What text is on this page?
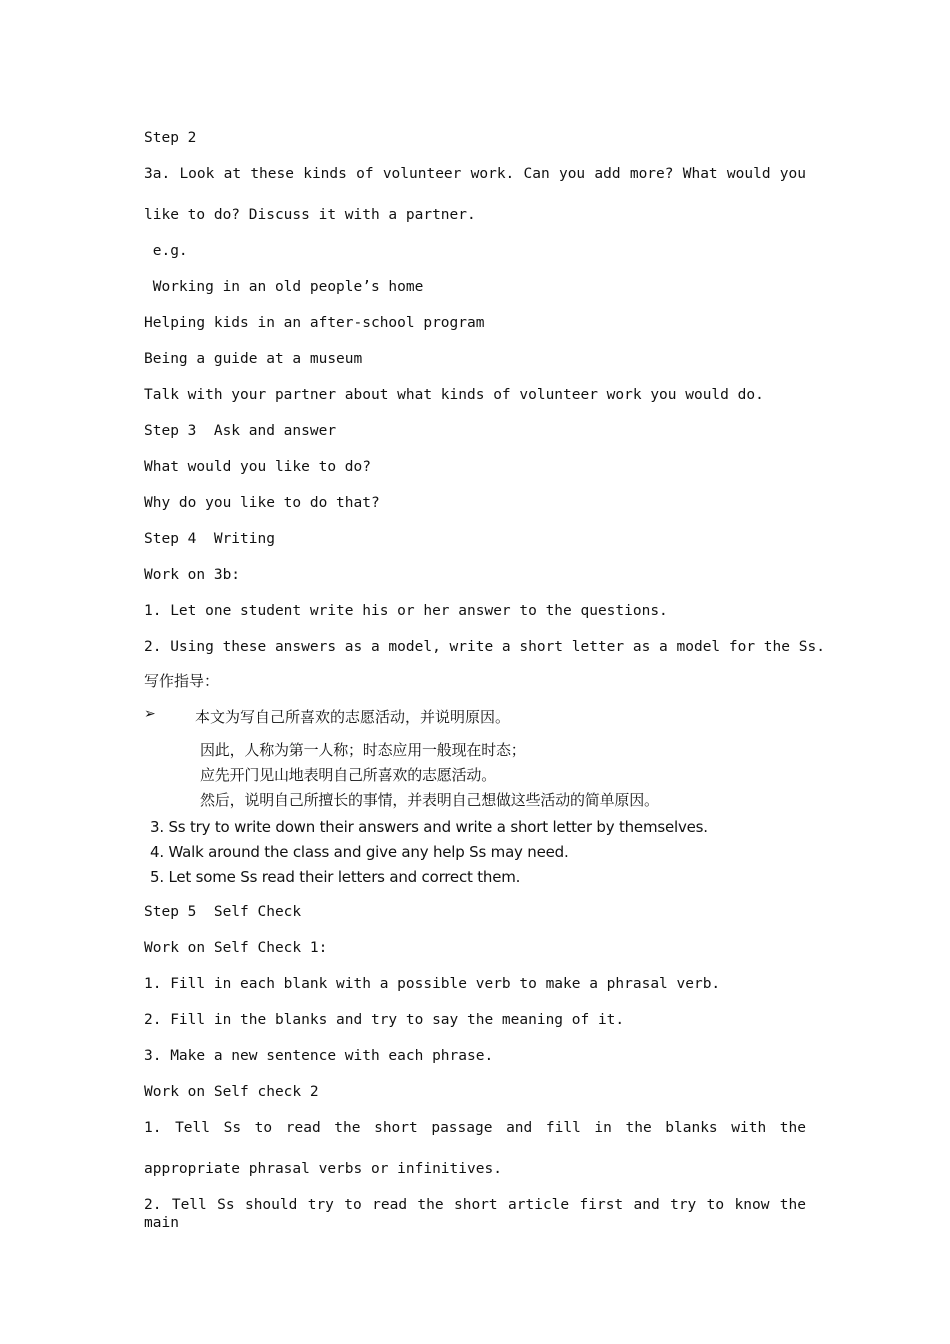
Step 2
3a. Look at these kinds of volunteer work. Can you add more? What would you
like to do? Discuss it with a partner.
e.g.
Working in an old people’s home
Helping kids in an after-school program
Being a guide at a museum
Talk with your partner about what kinds of volunteer work you would do.
Step 3  Ask and answer
What would you like to do?
Why do you like to do that?
Step 4  Writing
Work on 3b:
1. Let one student write his or her answer to the questions.
2. Using these answers as a model, write a short letter as a model for the Ss.
写作指导：
➢	本文为写自己所喜欢的志愿活动，并说明原因。
因此，人称为第一人称；时态应用一般现在时态；
应先开门见山地表明自己所喜欢的志愿活动。
然后，说明自己所擅长的事情，并表明自己想做这些活动的简单原因。
3. Ss try to write down their answers and write a short letter by themselves.
4. Walk around the class and give any help Ss may need.
5. Let some Ss read their letters and correct them.
Step 5  Self Check
Work on Self Check 1:
1. Fill in each blank with a possible verb to make a phrasal verb.
2. Fill in the blanks and try to say the meaning of it.
3. Make a new sentence with each phrase.
Work on Self check 2
1. Tell Ss to read the short passage and fill in the blanks with the
appropriate phrasal verbs or infinitives.
2. Tell Ss should try to read the short article first and try to know the main
